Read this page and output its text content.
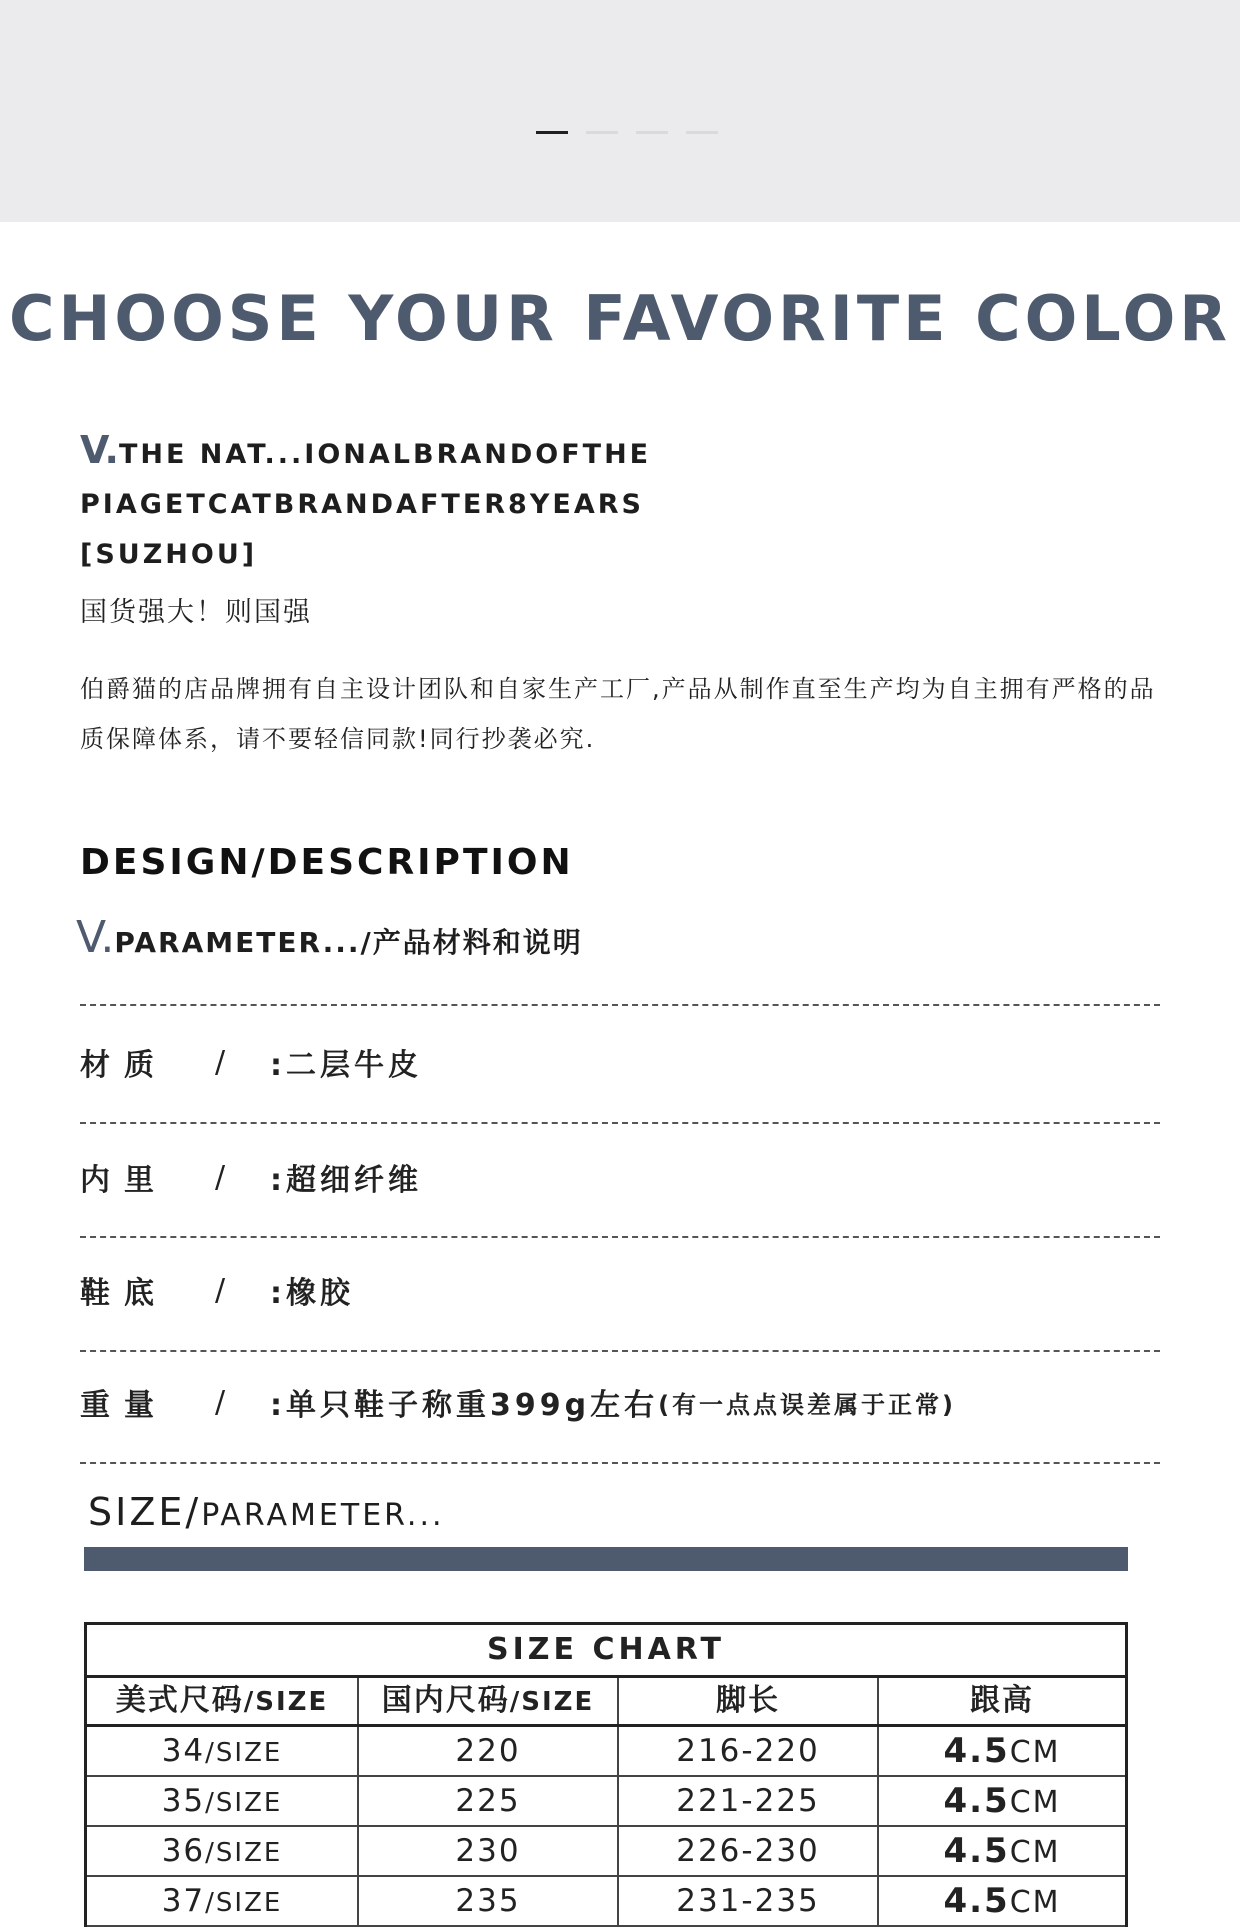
CHOOSE YOUR FAVORITE COLOR
V.THE NAT...IONALBRANDOFTHE
PIAGETCATBRANDAFTER8YEARS
[SUZHOU]
国货强大！则国强
伯爵猫的店品牌拥有自主设计团队和自家生产工厂,产品从制作直至生产均为自主拥有严格的品质保障体系，请不要轻信同款!同行抄袭必究.
DESIGN/DESCRIPTION
V.PARAMETER.../产品材料和说明
材质	/	:二层牛皮
内里	/	:超细纤维
鞋底	/	:橡胶
重量	/	:单只鞋子称重399g左右 (有一点点误差属于正常)
SIZE/PARAMETER...
SIZE CHART
美式尺码/SIZE	国内尺码/SIZE	脚长	跟高
34/SIZE	220	216-220	4.5CM
35/SIZE	225	221-225	4.5CM
36/SIZE	230	226-230	4.5CM
37/SIZE	235	231-235	4.5CM
